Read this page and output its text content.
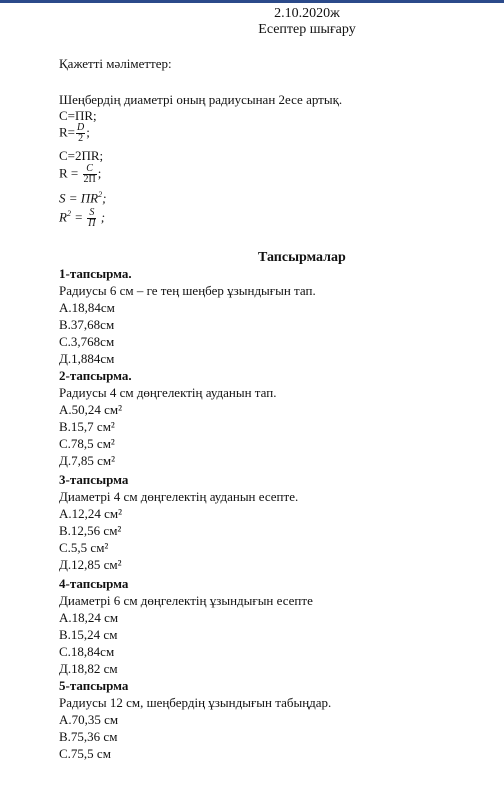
2.10.2020ж
Есептер шығару
Қажетті мәліметтер:
Шеңбердің диаметрі оның радиусынан 2есе артық.
C=ПR;
$R= \frac{D}{2}$ ;
C=2ПR;
$R = \frac{C}{2П}$ ;
$S = ПR^2$;
$R^2 = \frac{S}{П}$ ;
Тапсырмалар
1-тапсырма.
Радиусы 6 см – ге тең шеңбер ұзындығын тап.
А.18,84см
В.37,68см
С.3,768см
Д.1,884см
2-тапсырма.
Радиусы 4 см дөңгелектің ауданын тап.
А.50,24 см²
В.15,7 см²
С.78,5 см²
Д.7,85 см²
3-тапсырма
Диаметрі 4 см дөңгелектің ауданын есепте.
А.12,24 см²
В.12,56 см²
С.5,5 см²
Д.12,85 см²
4-тапсырма
Диаметрі 6 см дөңгелектің ұзындығын есепте
А.18,24 см
В.15,24 см
С.18,84см
Д.18,82 см
5-тапсырма
Радиусы 12 см, шеңбердің ұзындығын табыңдар.
А.70,35 см
В.75,36 см
С.75,5 см
